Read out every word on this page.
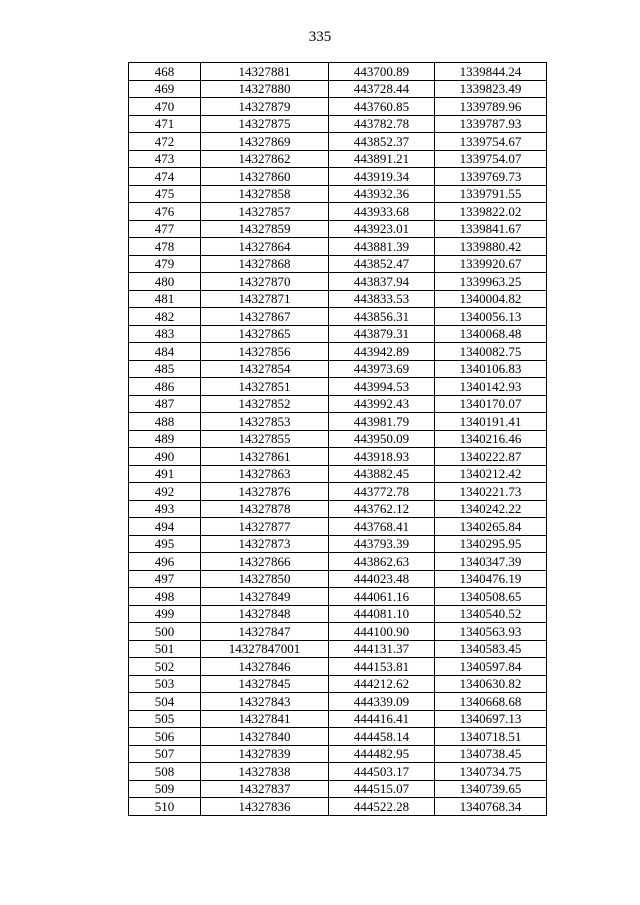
335
468	14327881	443700.89	1339844.24
469	14327880	443728.44	1339823.49
470	14327879	443760.85	1339789.96
471	14327875	443782.78	1339787.93
472	14327869	443852.37	1339754.67
473	14327862	443891.21	1339754.07
474	14327860	443919.34	1339769.73
475	14327858	443932.36	1339791.55
476	14327857	443933.68	1339822.02
477	14327859	443923.01	1339841.67
478	14327864	443881.39	1339880.42
479	14327868	443852.47	1339920.67
480	14327870	443837.94	1339963.25
481	14327871	443833.53	1340004.82
482	14327867	443856.31	1340056.13
483	14327865	443879.31	1340068.48
484	14327856	443942.89	1340082.75
485	14327854	443973.69	1340106.83
486	14327851	443994.53	1340142.93
487	14327852	443992.43	1340170.07
488	14327853	443981.79	1340191.41
489	14327855	443950.09	1340216.46
490	14327861	443918.93	1340222.87
491	14327863	443882.45	1340212.42
492	14327876	443772.78	1340221.73
493	14327878	443762.12	1340242.22
494	14327877	443768.41	1340265.84
495	14327873	443793.39	1340295.95
496	14327866	443862.63	1340347.39
497	14327850	444023.48	1340476.19
498	14327849	444061.16	1340508.65
499	14327848	444081.10	1340540.52
500	14327847	444100.90	1340563.93
501	14327847001	444131.37	1340583.45
502	14327846	444153.81	1340597.84
503	14327845	444212.62	1340630.82
504	14327843	444339.09	1340668.68
505	14327841	444416.41	1340697.13
506	14327840	444458.14	1340718.51
507	14327839	444482.95	1340738.45
508	14327838	444503.17	1340734.75
509	14327837	444515.07	1340739.65
510	14327836	444522.28	1340768.34
